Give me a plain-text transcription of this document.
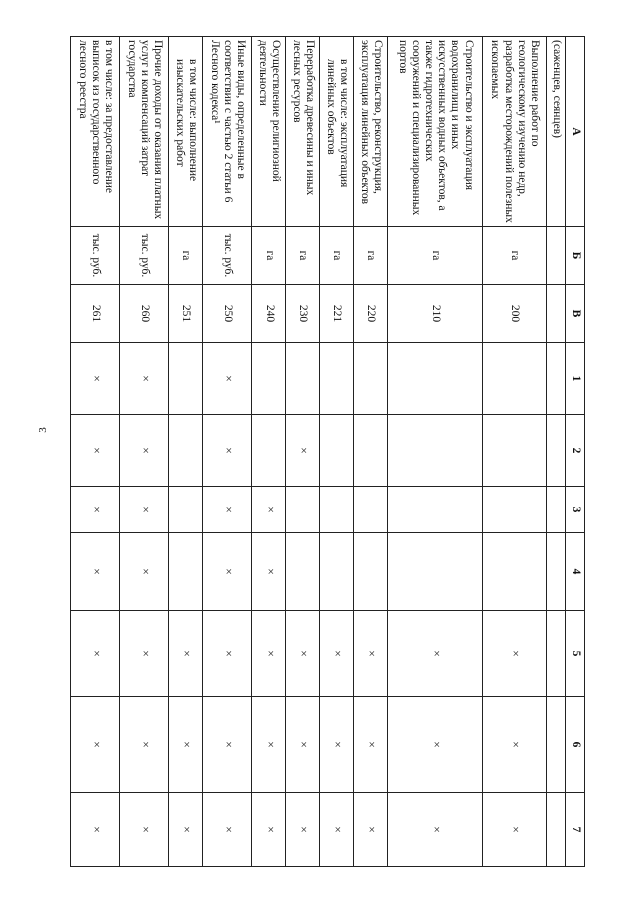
3
А	Б	В	1	2	3	4	5	6	7
(саженцев, сеянцев)									
Выполнение работ по геологическому изучению недр, разработка месторождений полезных ископаемых	га	200					×	×	×
Строительство и эксплуатация водохранилищ и иных искусственных водных объектов, а также гидротехнических сооружений и специализированных портов	га	210					×	×	×
Строительство, реконструкция, эксплуатация линейных объектов	га	220					×	×	×
в том числе: эксплуатация линейных объектов	га	221					×	×	×
Переработка древесины и иных лесных ресурсов	га	230		×			×	×	×
Осуществление религиозной деятельности	га	240			×	×	×	×	×
Иные виды, определенные в соответствии с частью 2 статьи 6 Лесного кодекса¹	тыс. руб.	250	×	×	×	×	×	×	×
в том числе: выполнение изыскательских работ	га	251					×	×	×
Прочие доходы от оказания платных услуг и компенсаций затрат государства	тыс. руб.	260	×	×	×	×	×	×	×
в том числе: за предоставление выписок из государственного лесного реестра	тыс. руб.	261	×	×	×	×	×	×	×
